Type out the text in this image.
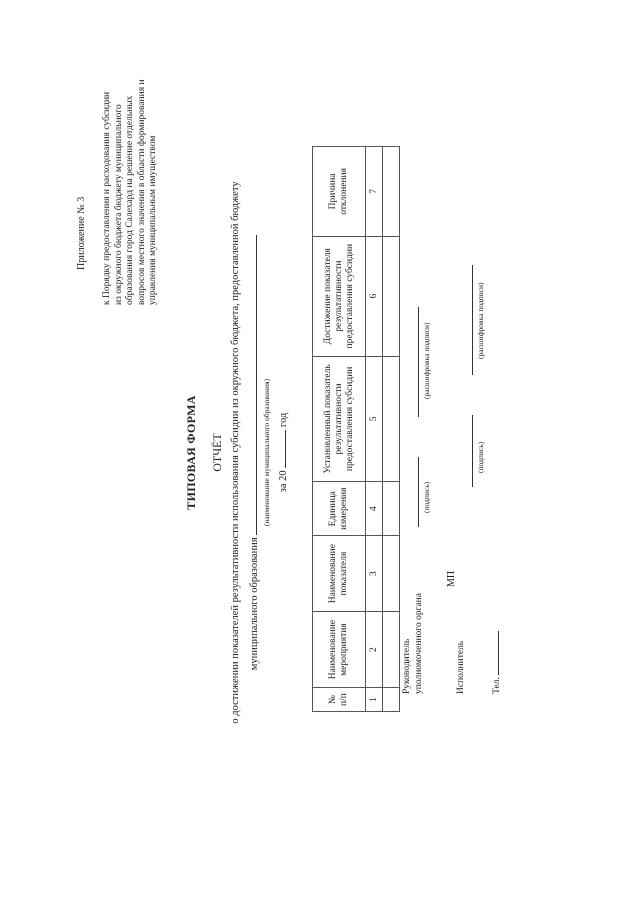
Приложение № 3 к Порядку предоставления и расходования субсидии из окружного бюджета бюджету муниципального образования город Салехард на решение отдельных вопросов местного значения в области формирования и управления муниципальным имуществом
ТИПОВАЯ ФОРМА ОТЧЁТ о достижении показателей результативности использования субсидии из окружного бюджета, предоставленной бюджету муниципального образования
(наименование муниципального образования) за 20  год
№ п/п	Наименование мероприятия	Наименование показателя	Единица измерения	Установленный показатель результативности предоставления субсидии	Достижение показателя результативности предоставления субсидии	Причина отклонения
1	2	3	4	5	6	7

Руководитель уполномоченного органа
(подпись)
(расшифровка подписи)
МП
Исполнитель
(подпись)
(расшифровка подписи)
Тел.
